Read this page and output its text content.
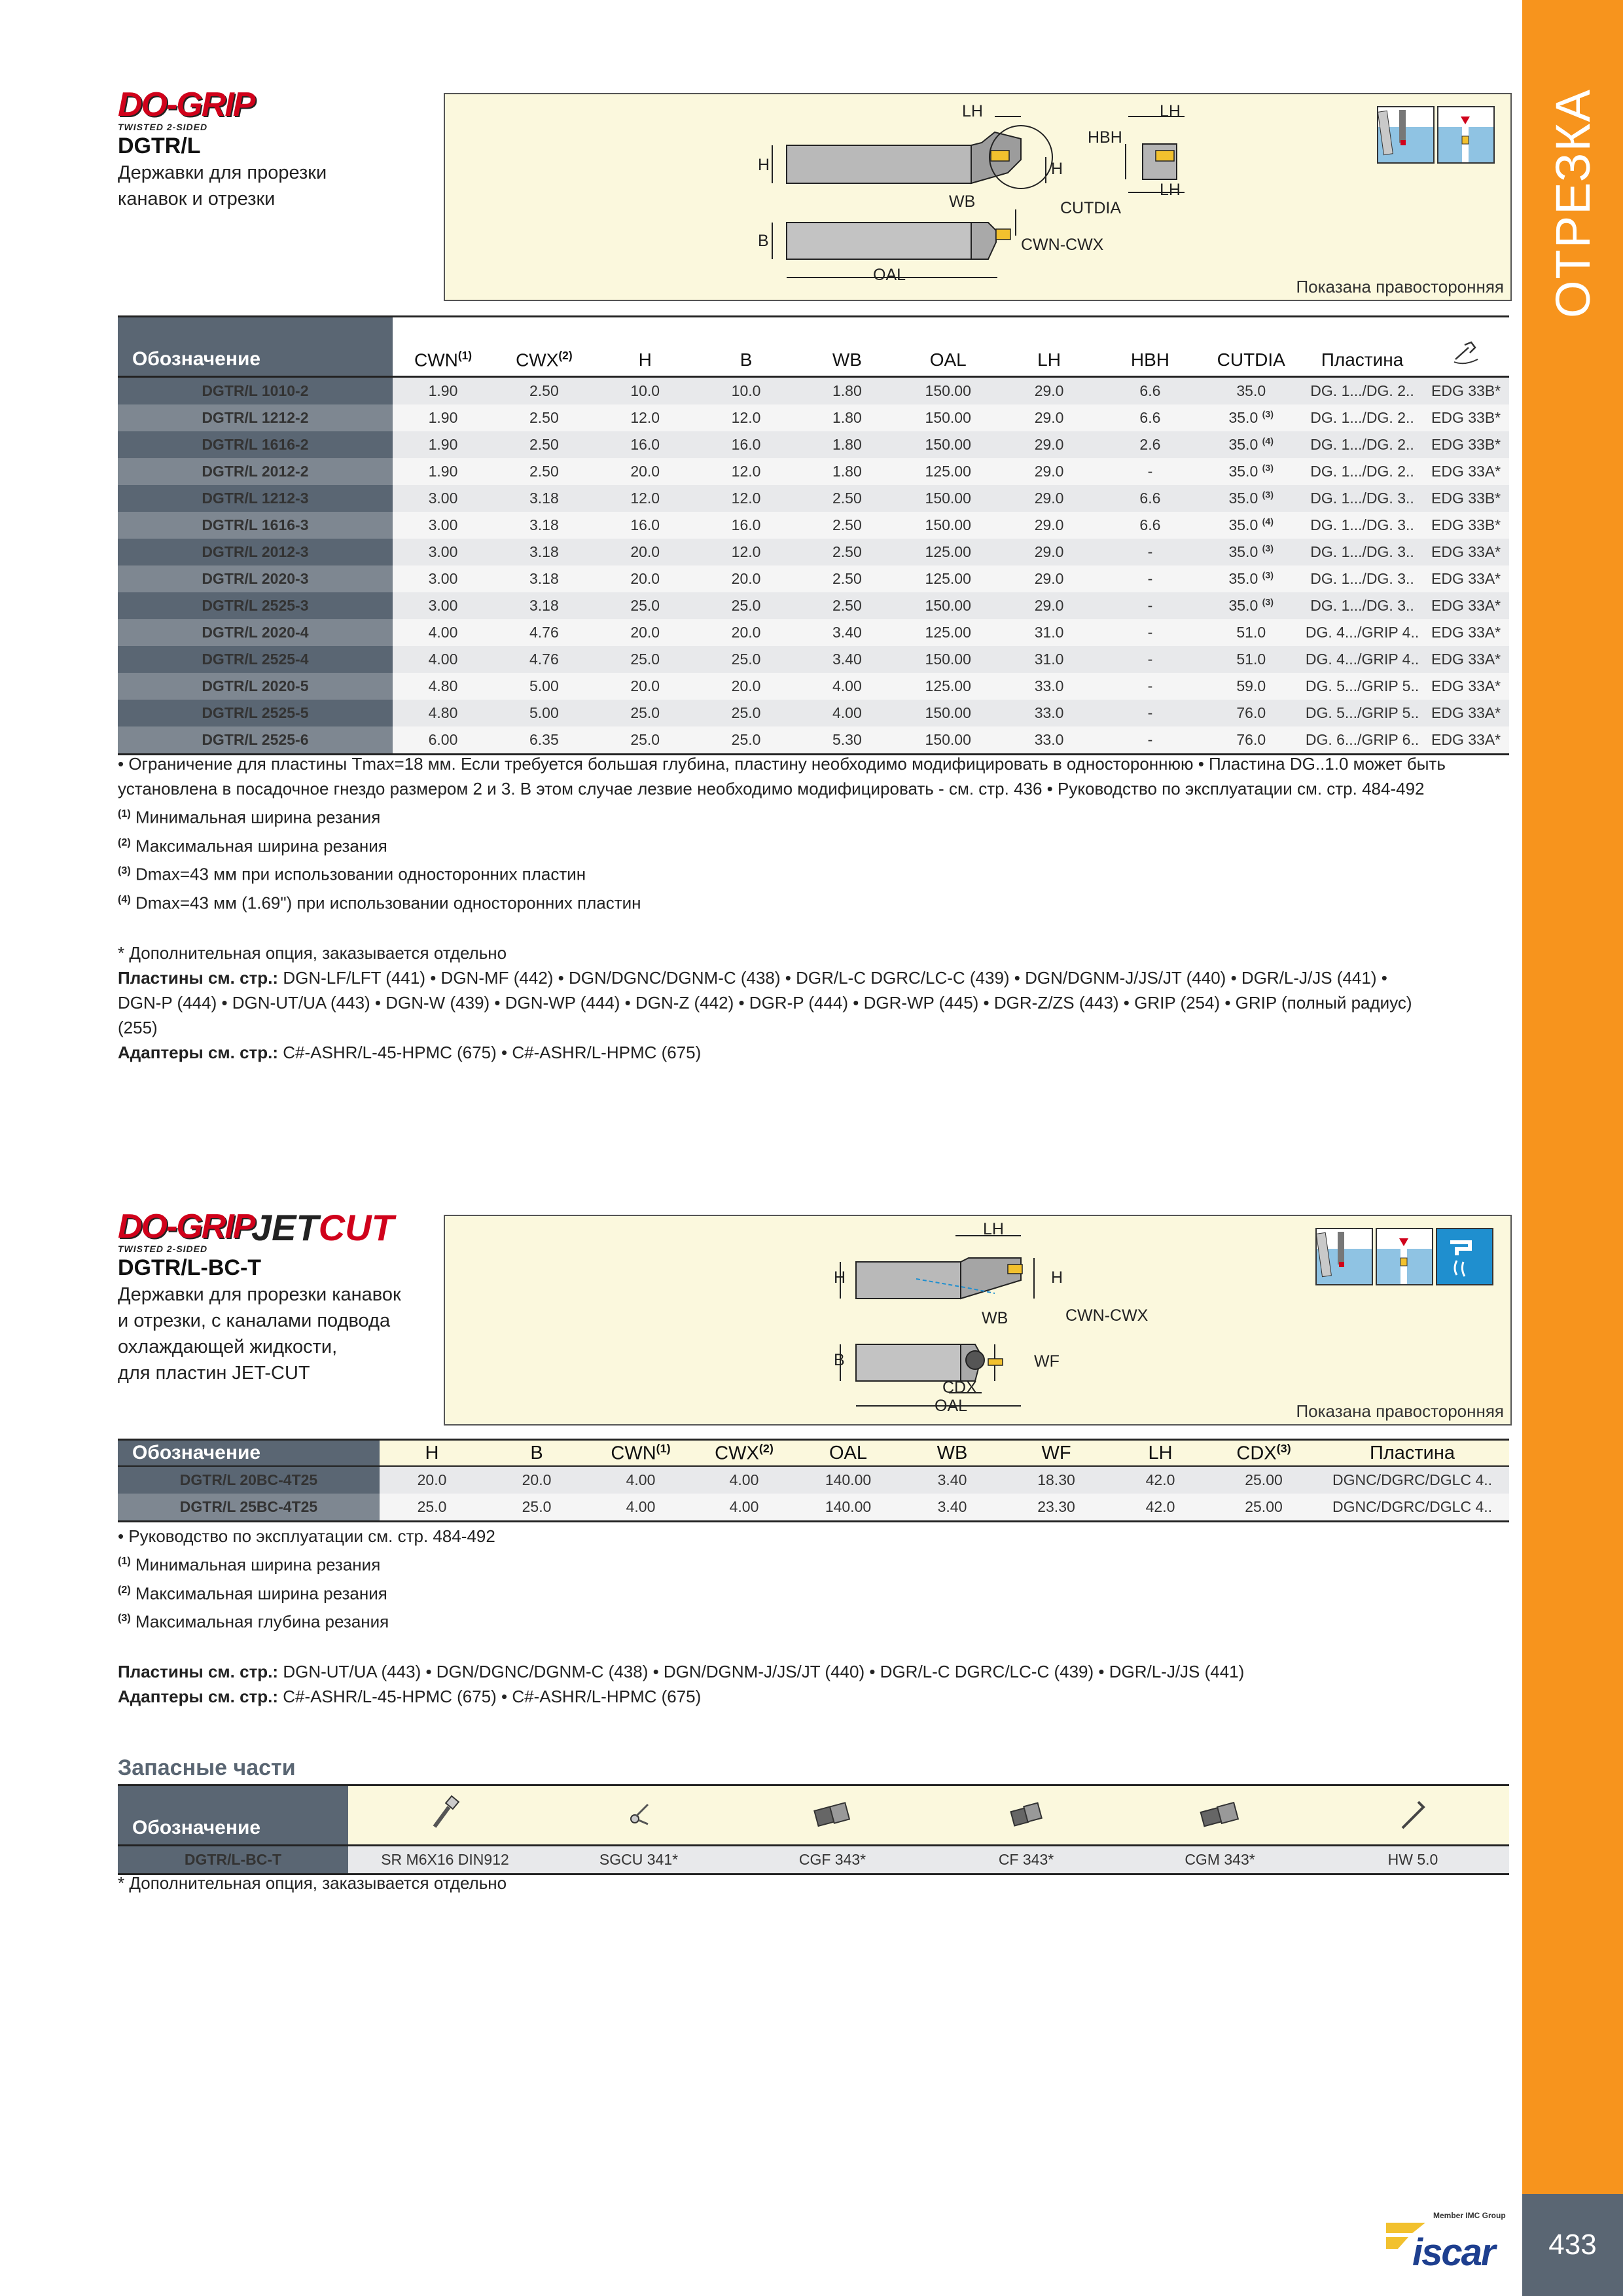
ОТРЕЗКА
433
Member IMC Group
iscar
DO-GRIP
TWISTED 2-SIDED
DGTR/L
Державки для прорезки
канавок и отрезки
LH
H	H
WB	CUTDIA
B	CWN-CWX
OAL
LH
HBH
LH
Показана правосторонняя
Обозначение	CWN$^{(1)}$	CWX$^{(2)}$	H	B	WB	OAL	LH	HBH	CUTDIA	Пластина	
DGTR/L 1010-2	1.90	2.50	10.0	10.0	1.80	150.00	29.0	6.6	35.0	DG. 1.../DG. 2..	EDG 33B*
DGTR/L 1212-2	1.90	2.50	12.0	12.0	1.80	150.00	29.0	6.6	35.0 $^{(3)}$	DG. 1.../DG. 2..	EDG 33B*
DGTR/L 1616-2	1.90	2.50	16.0	16.0	1.80	150.00	29.0	2.6	35.0 $^{(4)}$	DG. 1.../DG. 2..	EDG 33B*
DGTR/L 2012-2	1.90	2.50	20.0	12.0	1.80	125.00	29.0	-	35.0 $^{(3)}$	DG. 1.../DG. 2..	EDG 33A*
DGTR/L 1212-3	3.00	3.18	12.0	12.0	2.50	150.00	29.0	6.6	35.0 $^{(3)}$	DG. 1.../DG. 3..	EDG 33B*
DGTR/L 1616-3	3.00	3.18	16.0	16.0	2.50	150.00	29.0	6.6	35.0 $^{(4)}$	DG. 1.../DG. 3..	EDG 33B*
DGTR/L 2012-3	3.00	3.18	20.0	12.0	2.50	125.00	29.0	-	35.0 $^{(3)}$	DG. 1.../DG. 3..	EDG 33A*
DGTR/L 2020-3	3.00	3.18	20.0	20.0	2.50	125.00	29.0	-	35.0 $^{(3)}$	DG. 1.../DG. 3..	EDG 33A*
DGTR/L 2525-3	3.00	3.18	25.0	25.0	2.50	150.00	29.0	-	35.0 $^{(3)}$	DG. 1.../DG. 3..	EDG 33A*
DGTR/L 2020-4	4.00	4.76	20.0	20.0	3.40	125.00	31.0	-	51.0	DG. 4.../GRIP 4..	EDG 33A*
DGTR/L 2525-4	4.00	4.76	25.0	25.0	3.40	150.00	31.0	-	51.0	DG. 4.../GRIP 4..	EDG 33A*
DGTR/L 2020-5	4.80	5.00	20.0	20.0	4.00	125.00	33.0	-	59.0	DG. 5.../GRIP 5..	EDG 33A*
DGTR/L 2525-5	4.80	5.00	25.0	25.0	4.00	150.00	33.0	-	76.0	DG. 5.../GRIP 5..	EDG 33A*
DGTR/L 2525-6	6.00	6.35	25.0	25.0	5.30	150.00	33.0	-	76.0	DG. 6.../GRIP 6..	EDG 33A*
• Ограничение для пластины Tmax=18 мм. Если требуется большая глубина, пластину необходимо модифицировать в одностороннюю • Пластина DG..1.0 может быть
установлена в посадочное гнездо размером 2 и 3. В этом случае лезвие необходимо модифицировать - см. стр. 436 • Руководство по эксплуатации см. стр. 484-492
$^{(1)}$ Минимальная ширина резания
$^{(2)}$ Максимальная ширина резания
$^{(3)}$ Dmax=43 мм при использовании односторонних пластин
$^{(4)}$ Dmax=43 мм (1.69") при использовании односторонних пластин
* Дополнительная опция, заказывается отдельно
Пластины см. стр.: DGN-LF/LFT (441) • DGN-MF (442) • DGN/DGNC/DGNM-C (438) • DGR/L-C DGRC/LC-C (439) • DGN/DGNM-J/JS/JT (440) • DGR/L-J/JS (441) •
DGN-P (444) • DGN-UT/UA (443) • DGN-W (439) • DGN-WP (444) • DGN-Z (442) • DGR-P (444) • DGR-WP (445) • DGR-Z/ZS (443) • GRIP (254) • GRIP (полный радиус)
(255)
Адаптеры см. стр.: C#-ASHR/L-45-HPMC (675) • C#-ASHR/L-HPMC (675)
DO-GRIP
TWISTED 2-SIDED
JETCUT
DGTR/L-BC-T
Державки для прорезки канавок
и отрезки, с каналами подвода
охлаждающей жидкости,
для пластин JET-CUT
LH
H	H
WB	CWN-CWX
B	WF
CDX
OAL	Показана правосторонняя
Обозначение	H	B	CWN$^{(1)}$	CWX$^{(2)}$	OAL	WB	WF	LH	CDX$^{(3)}$	Пластина
DGTR/L 20BC-4T25	20.0	20.0	4.00	4.00	140.00	3.40	18.30	42.0	25.00	DGNC/DGRC/DGLC 4..
DGTR/L 25BC-4T25	25.0	25.0	4.00	4.00	140.00	3.40	23.30	42.0	25.00	DGNC/DGRC/DGLC 4..
• Руководство по эксплуатации см. стр. 484-492
$^{(1)}$ Минимальная ширина резания
$^{(2)}$ Максимальная ширина резания
$^{(3)}$ Максимальная глубина резания
Пластины см. стр.: DGN-UT/UA (443) • DGN/DGNC/DGNM-C (438) • DGN/DGNM-J/JS/JT (440) • DGR/L-C DGRC/LC-C (439) • DGR/L-J/JS (441)
Адаптеры см. стр.: C#-ASHR/L-45-HPMC (675) • C#-ASHR/L-HPMC (675)
Запасные части
Обозначение						
DGTR/L-BC-T	SR M6X16 DIN912	SGCU 341*	CGF 343*	CF 343*	CGM 343*	HW 5.0
* Дополнительная опция, заказывается отдельно
